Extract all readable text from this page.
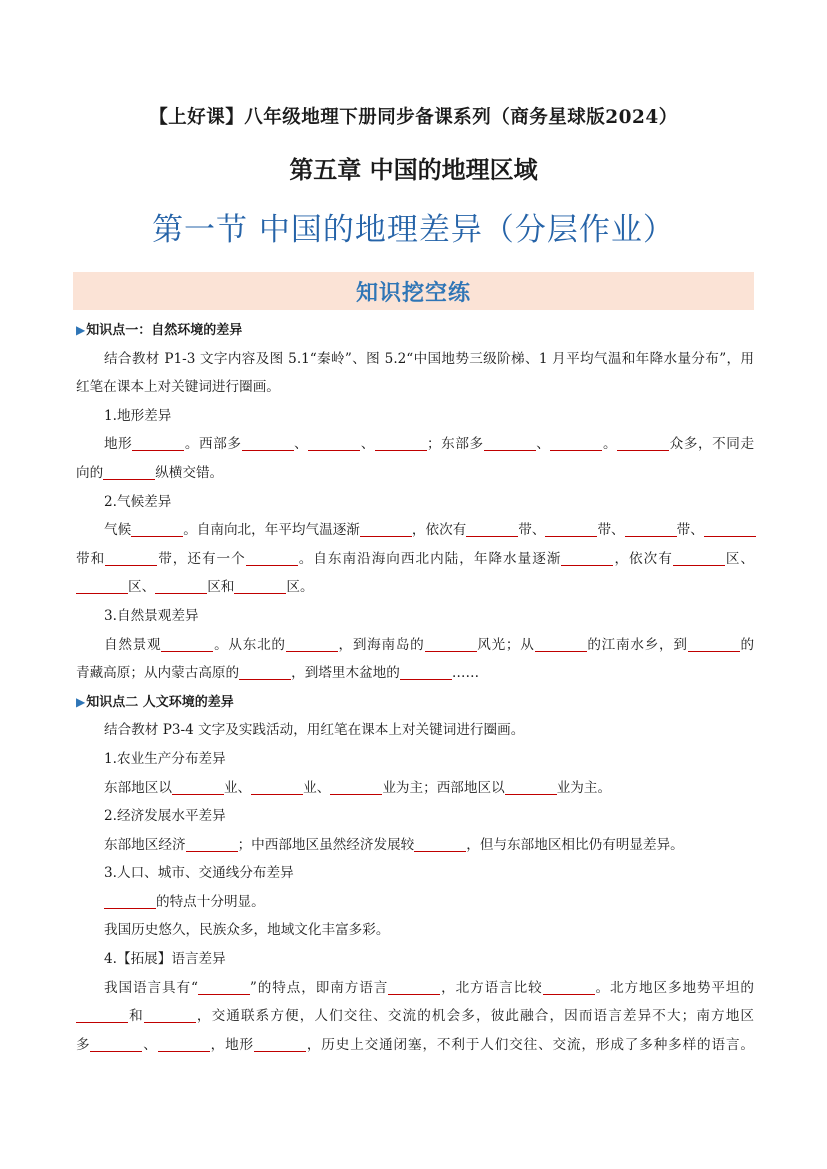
【上好课】八年级地理下册同步备课系列（商务星球版2024）
第五章 中国的地理区域
第一节 中国的地理差异（分层作业）
知识挖空练
▶知识点一：自然环境的差异
结合教材 P1-3 文字内容及图 5.1“秦岭”、图 5.2“中国地势三级阶梯、1 月平均气温和年降水量分布”，用
红笔在课本上对关键词进行圈画。
1.地形差异
地形	。西部多	、	、	；东部多	、	。	众多，不同走
向的	纵横交错。
2.气候差异
气候	。自南向北，年平均气温逐渐	，依次有	带、	带、	带、
带和	带，还有一个	。自东南沿海向西北内陆，年降水量逐渐	，依次有	区、
区、	区和	区。
3.自然景观差异
自然景观	。从东北的	，到海南岛的	风光；从	的江南水乡，到	的
青藏高原；从内蒙古高原的	，到塔里木盆地的	……
▶知识点二 人文环境的差异
结合教材 P3-4 文字及实践活动，用红笔在课本上对关键词进行圈画。
1.农业生产分布差异
东部地区以	业、	业、	业为主；西部地区以	业为主。
2.经济发展水平差异
东部地区经济	；中西部地区虽然经济发展较	，但与东部地区相比仍有明显差异。
3.人口、城市、交通线分布差异
的特点十分明显。
我国历史悠久，民族众多，地域文化丰富多彩。
4.【拓展】语言差异
我国语言具有“	”的特点，即南方语言	，北方语言比较	。北方地区多地势平坦的
和	，交通联系方便，人们交往、交流的机会多，彼此融合，因而语言差异不大；南方地区
多	、	，地形	，历史上交通闭塞，不利于人们交往、交流，形成了多种多样的语言。
